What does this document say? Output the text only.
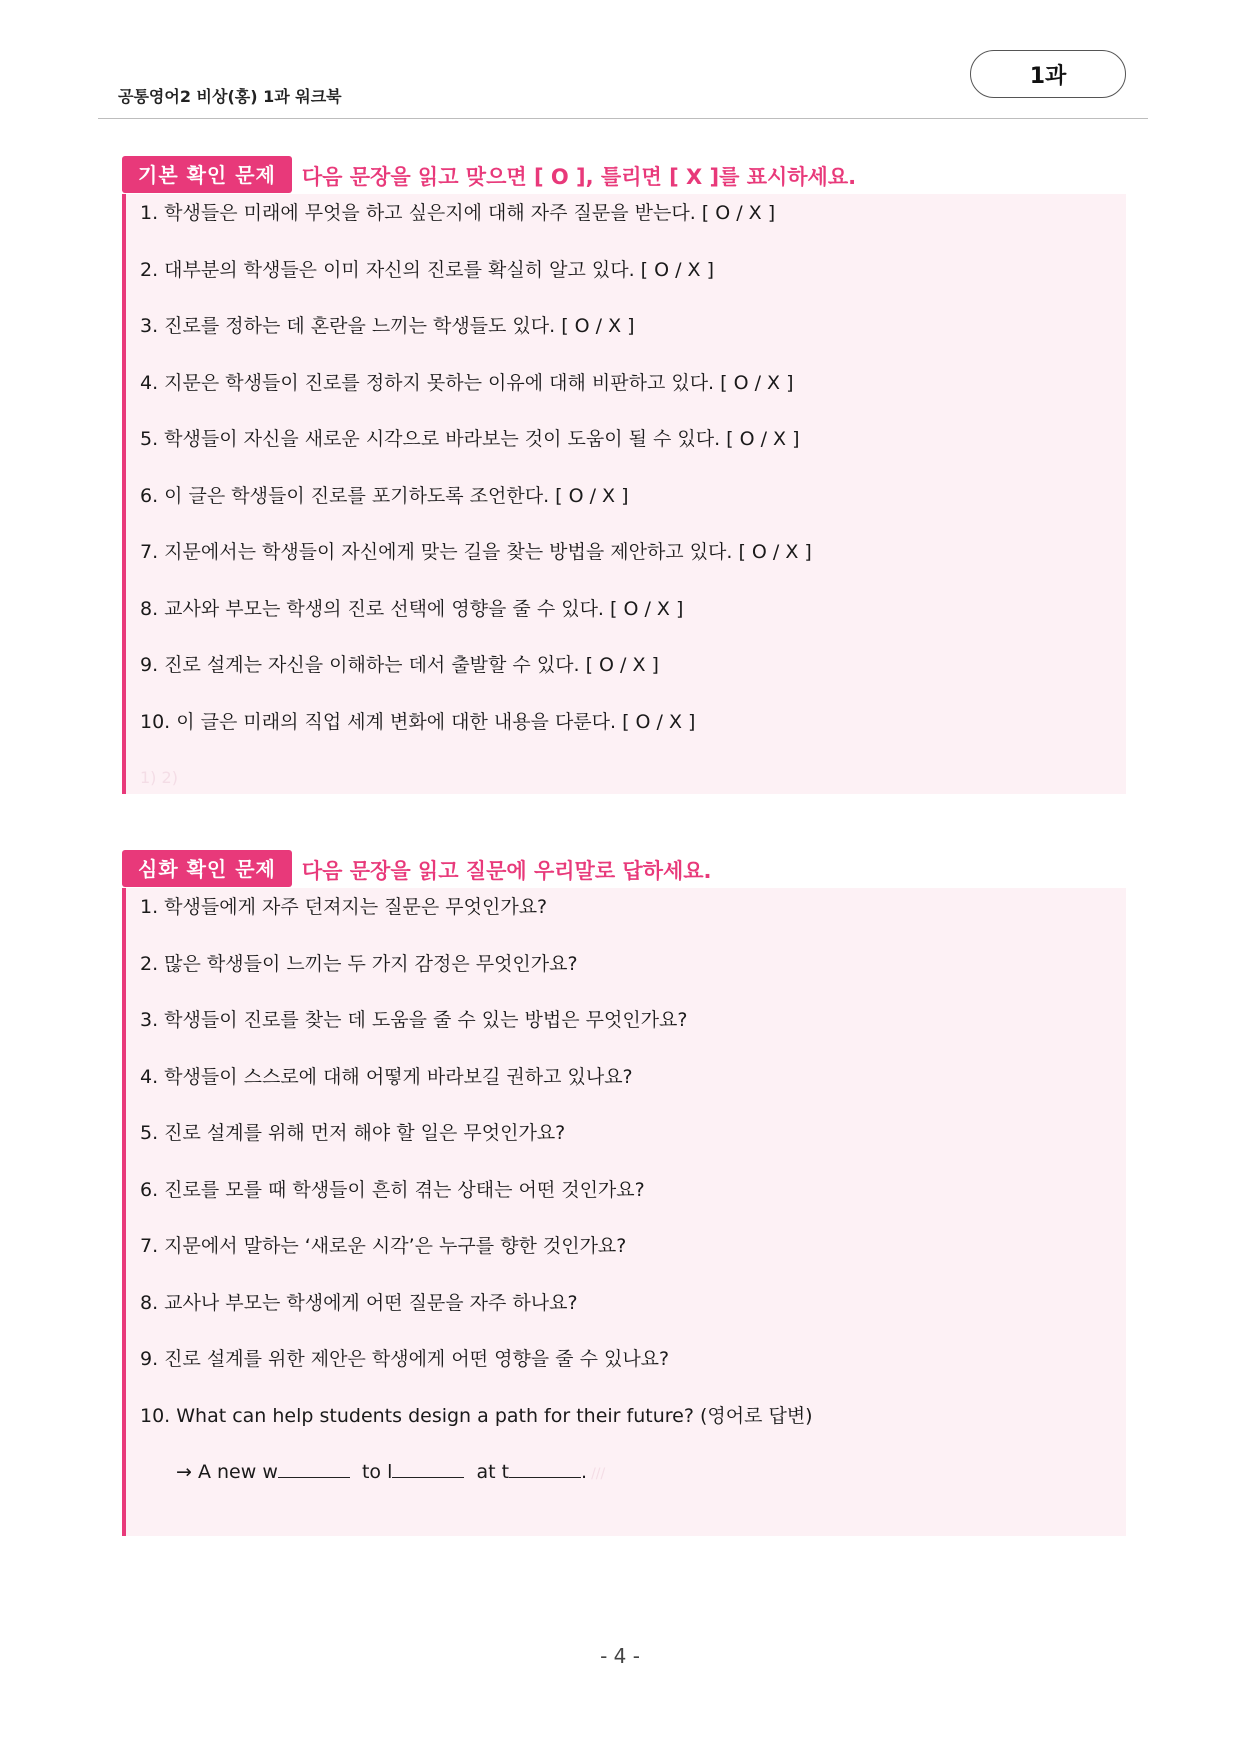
공통영어2 비상(홍) 1과 워크북
1과
기본 확인 문제	다음 문장을 읽고 맞으면 [ O ], 틀리면 [ X ]를 표시하세요.
1. 학생들은 미래에 무엇을 하고 싶은지에 대해 자주 질문을 받는다. [ O / X ]
2. 대부분의 학생들은 이미 자신의 진로를 확실히 알고 있다. [ O / X ]
3. 진로를 정하는 데 혼란을 느끼는 학생들도 있다. [ O / X ]
4. 지문은 학생들이 진로를 정하지 못하는 이유에 대해 비판하고 있다. [ O / X ]
5. 학생들이 자신을 새로운 시각으로 바라보는 것이 도움이 될 수 있다. [ O / X ]
6. 이 글은 학생들이 진로를 포기하도록 조언한다. [ O / X ]
7. 지문에서는 학생들이 자신에게 맞는 길을 찾는 방법을 제안하고 있다. [ O / X ]
8. 교사와 부모는 학생의 진로 선택에 영향을 줄 수 있다. [ O / X ]
9. 진로 설계는 자신을 이해하는 데서 출발할 수 있다. [ O / X ]
10. 이 글은 미래의 직업 세계 변화에 대한 내용을 다룬다. [ O / X ]
1) 2)
심화 확인 문제	다음 문장을 읽고 질문에 우리말로 답하세요.
1. 학생들에게 자주 던져지는 질문은 무엇인가요?
2. 많은 학생들이 느끼는 두 가지 감정은 무엇인가요?
3. 학생들이 진로를 찾는 데 도움을 줄 수 있는 방법은 무엇인가요?
4. 학생들이 스스로에 대해 어떻게 바라보길 권하고 있나요?
5. 진로 설계를 위해 먼저 해야 할 일은 무엇인가요?
6. 진로를 모를 때 학생들이 흔히 겪는 상태는 어떤 것인가요?
7. 지문에서 말하는 ‘새로운 시각’은 누구를 향한 것인가요?
8. 교사나 부모는 학생에게 어떤 질문을 자주 하나요?
9. 진로 설계를 위한 제안은 학생에게 어떤 영향을 줄 수 있나요?
10. What can help students design a path for their future? (영어로 답변)
→ A new w	to l	at t	. ///
- 4 -
